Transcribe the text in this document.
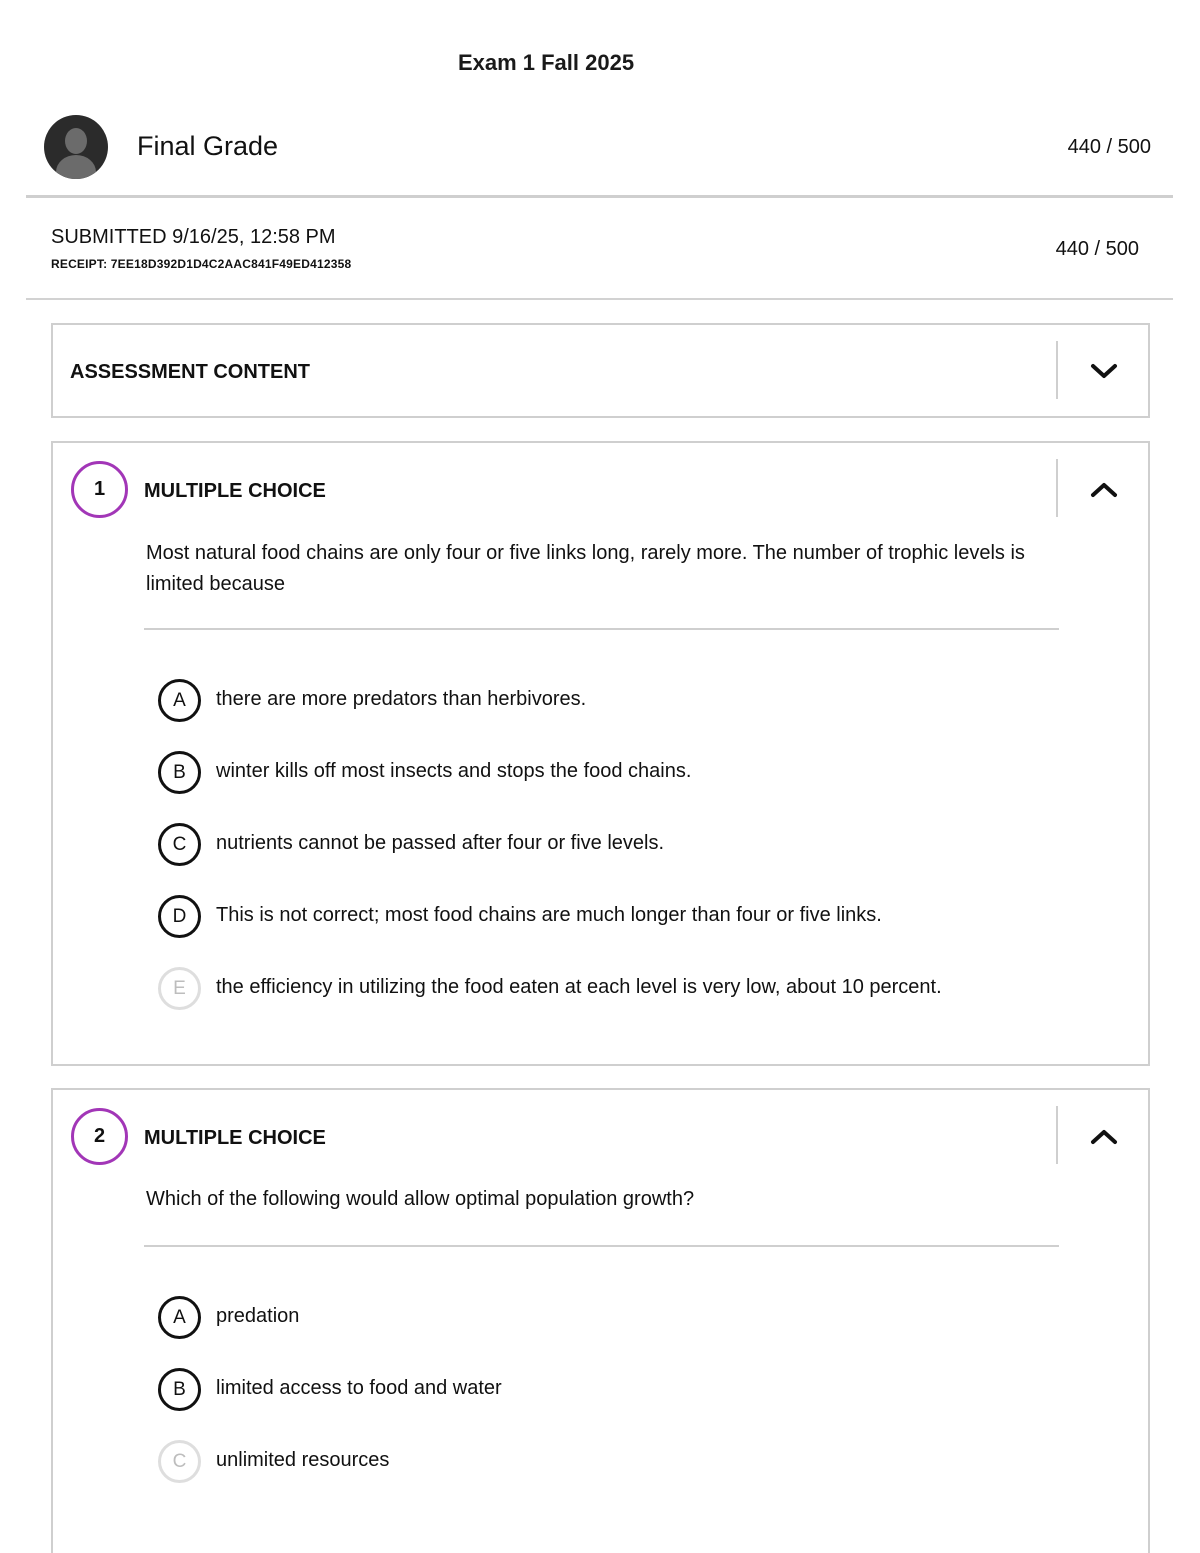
Exam 1 Fall 2025
Final Grade	440 / 500
SUBMITTED 9/16/25, 12:58 PM
RECEIPT: 7EE18D392D1D4C2AAC841F49ED412358
440 / 500
ASSESSMENT CONTENT
1	MULTIPLE CHOICE
Most natural food chains are only four or five links long, rarely more. The number of trophic levels is limited because
A	there are more predators than herbivores.
B	winter kills off most insects and stops the food chains.
C	nutrients cannot be passed after four or five levels.
D	This is not correct; most food chains are much longer than four or five links.
E	the efficiency in utilizing the food eaten at each level is very low, about 10 percent.
2	MULTIPLE CHOICE
Which of the following would allow optimal population growth?
A	predation
B	limited access to food and water
C	unlimited resources
